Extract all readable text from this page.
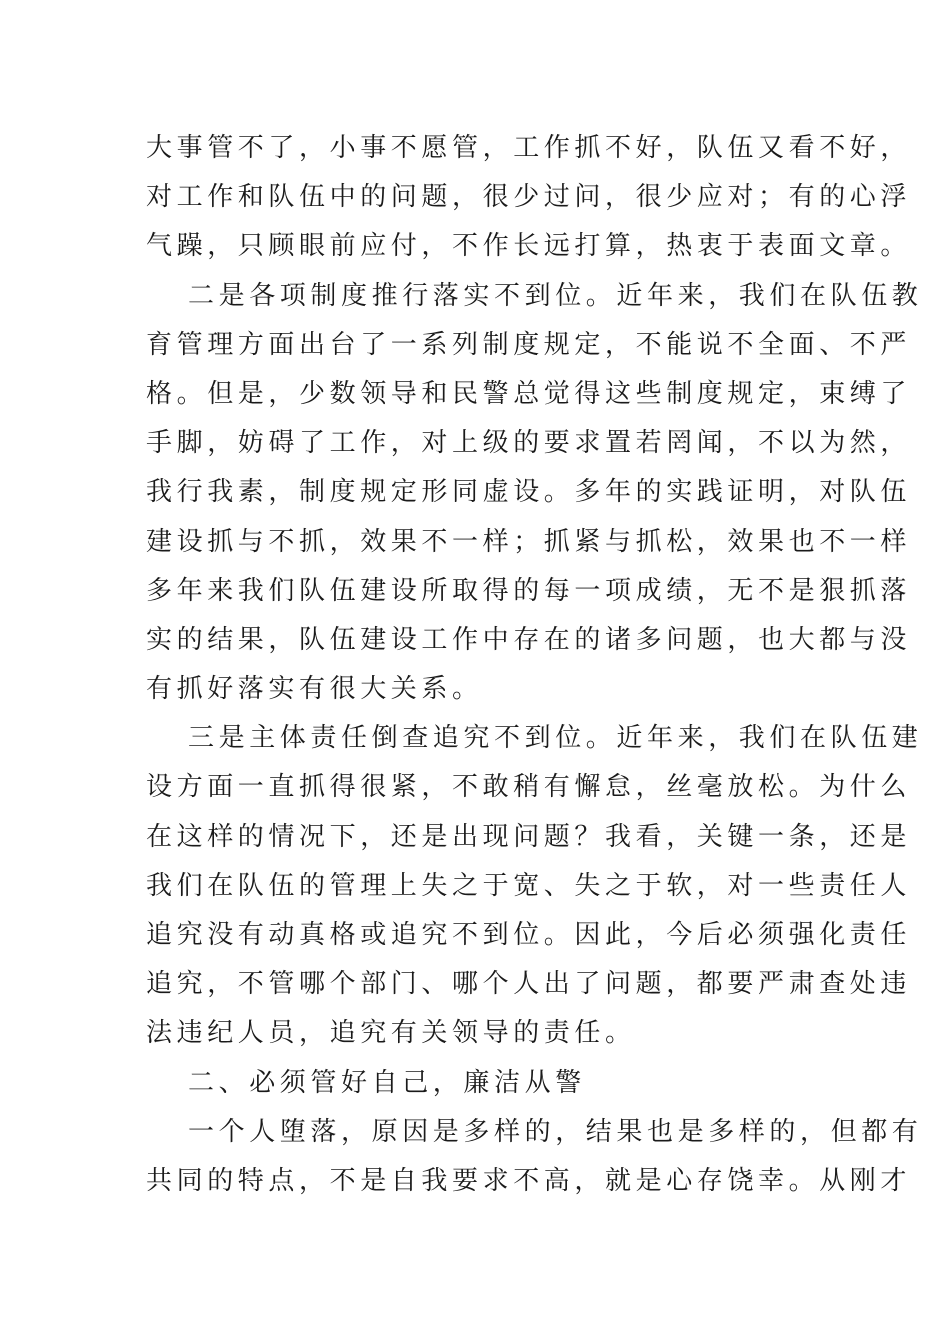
大事管不了，小事不愿管，工作抓不好，队伍又看不好，
对工作和队伍中的问题，很少过问，很少应对；有的心浮
气躁，只顾眼前应付，不作长远打算，热衷于表面文章。
二是各项制度推行落实不到位。近年来，我们在队伍教
育管理方面出台了一系列制度规定，不能说不全面、不严
格。但是，少数领导和民警总觉得这些制度规定，束缚了
手脚，妨碍了工作，对上级的要求置若罔闻，不以为然，
我行我素，制度规定形同虚设。多年的实践证明，对队伍
建设抓与不抓，效果不一样；抓紧与抓松，效果也不一样
多年来我们队伍建设所取得的每一项成绩，无不是狠抓落
实的结果，队伍建设工作中存在的诸多问题，也大都与没
有抓好落实有很大关系。
三是主体责任倒查追究不到位。近年来，我们在队伍建
设方面一直抓得很紧，不敢稍有懈怠，丝毫放松。为什么
在这样的情况下，还是出现问题？我看，关键一条，还是
我们在队伍的管理上失之于宽、失之于软，对一些责任人
追究没有动真格或追究不到位。因此，今后必须强化责任
追究，不管哪个部门、哪个人出了问题，都要严肃查处违
法违纪人员，追究有关领导的责任。
二、必须管好自己，廉洁从警
一个人堕落，原因是多样的，结果也是多样的，但都有
共同的特点，不是自我要求不高，就是心存饶幸。从刚才
